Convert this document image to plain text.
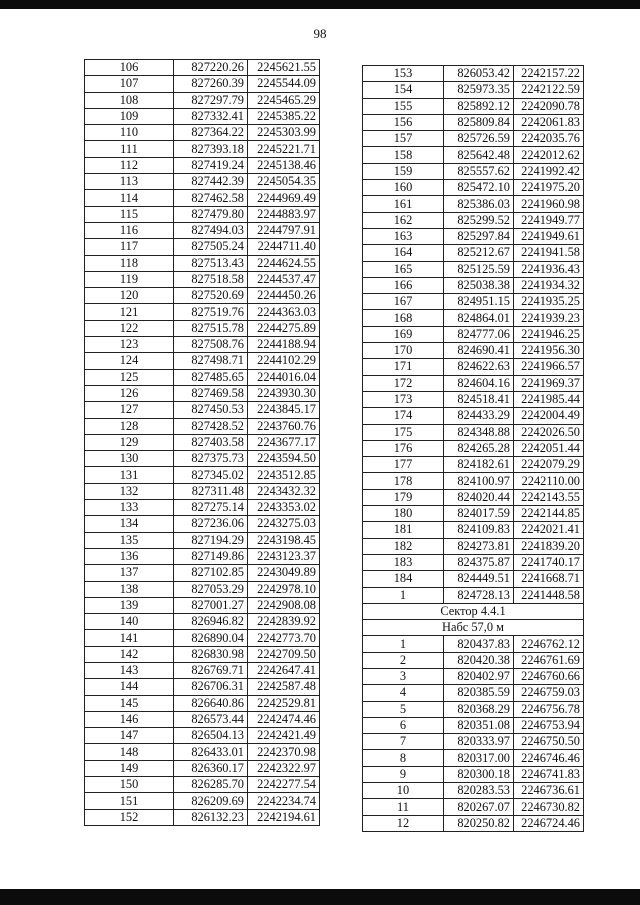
98
106	827220.26	2245621.55
107	827260.39	2245544.09
108	827297.79	2245465.29
109	827332.41	2245385.22
110	827364.22	2245303.99
111	827393.18	2245221.71
112	827419.24	2245138.46
113	827442.39	2245054.35
114	827462.58	2244969.49
115	827479.80	2244883.97
116	827494.03	2244797.91
117	827505.24	2244711.40
118	827513.43	2244624.55
119	827518.58	2244537.47
120	827520.69	2244450.26
121	827519.76	2244363.03
122	827515.78	2244275.89
123	827508.76	2244188.94
124	827498.71	2244102.29
125	827485.65	2244016.04
126	827469.58	2243930.30
127	827450.53	2243845.17
128	827428.52	2243760.76
129	827403.58	2243677.17
130	827375.73	2243594.50
131	827345.02	2243512.85
132	827311.48	2243432.32
133	827275.14	2243353.02
134	827236.06	2243275.03
135	827194.29	2243198.45
136	827149.86	2243123.37
137	827102.85	2243049.89
138	827053.29	2242978.10
139	827001.27	2242908.08
140	826946.82	2242839.92
141	826890.04	2242773.70
142	826830.98	2242709.50
143	826769.71	2242647.41
144	826706.31	2242587.48
145	826640.86	2242529.81
146	826573.44	2242474.46
147	826504.13	2242421.49
148	826433.01	2242370.98
149	826360.17	2242322.97
150	826285.70	2242277.54
151	826209.69	2242234.74
152	826132.23	2242194.61
153	826053.42	2242157.22
154	825973.35	2242122.59
155	825892.12	2242090.78
156	825809.84	2242061.83
157	825726.59	2242035.76
158	825642.48	2242012.62
159	825557.62	2241992.42
160	825472.10	2241975.20
161	825386.03	2241960.98
162	825299.52	2241949.77
163	825297.84	2241949.61
164	825212.67	2241941.58
165	825125.59	2241936.43
166	825038.38	2241934.32
167	824951.15	2241935.25
168	824864.01	2241939.23
169	824777.06	2241946.25
170	824690.41	2241956.30
171	824622.63	2241966.57
172	824604.16	2241969.37
173	824518.41	2241985.44
174	824433.29	2242004.49
175	824348.88	2242026.50
176	824265.28	2242051.44
177	824182.61	2242079.29
178	824100.97	2242110.00
179	824020.44	2242143.55
180	824017.59	2242144.85
181	824109.83	2242021.41
182	824273.81	2241839.20
183	824375.87	2241740.17
184	824449.51	2241668.71
1	824728.13	2241448.58
Сектор 4.4.1		
Набс 57,0 м		
1	820437.83	2246762.12
2	820420.38	2246761.69
3	820402.97	2246760.66
4	820385.59	2246759.03
5	820368.29	2246756.78
6	820351.08	2246753.94
7	820333.97	2246750.50
8	820317.00	2246746.46
9	820300.18	2246741.83
10	820283.53	2246736.61
11	820267.07	2246730.82
12	820250.82	2246724.46
